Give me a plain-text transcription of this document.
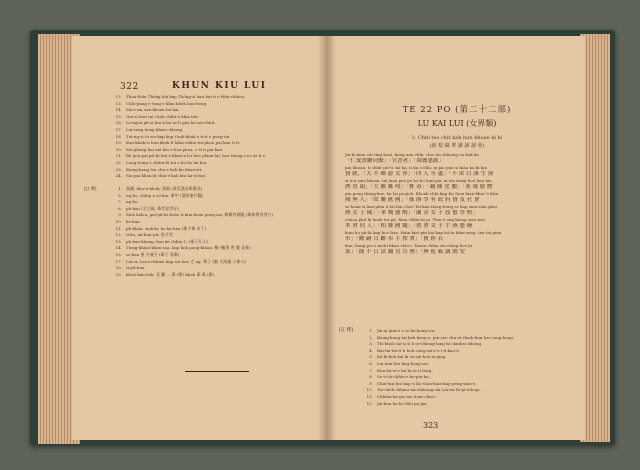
322	KHUN KIU LUI
12. Thoa-thân Thông hái kap Thông-si kan bai-ti e Hân-chhioo.
13. Chhi-pang e tong e khui kheh hoa-beng.
14. Sin-i-siu oan-khoan lai kai.
15. Gin-si bun tui i koh chhit-e khia teh.
16. Lo-ngsu pit-si kin-a-bo se-li gau lai sai-chhit.
17. Lai-seng hong khan-chheng.
18. Tui-ng-si to sio-kap kep i kok-khak e ti-ti e pong-tiu.
19. Kan-khak-si hoa-khek E khia-chhiu tui-phoa pai-kau ti-ti.
20. Sio-pheng hai nai kiu e hoa-phoa, e ti-ti pai-kau.
21. Bii goa pai-pit-ki hiu-e khan-a bo hoe phian-lai, hoe thong i-a i-oe li e.
22. Long-tiong e chhiu-bi tui e ho-ho lai kui.
23. Kiong-keng loa chu e kah ku khan-sit.
24. Sin-pai khan ki-chia-e kah kiu lai-si-but.
[註 釋]	1. 查鋪, kho-ti-khek; 黃碼 (黃瓜漢食牽羅菜)
5. ng-bo, chhip e so-kin. 牽甲 (漢咯東仔醫)
7. ng-bo.
8. ph-kan (乏力歲, 牽者老者仔)
9. Sioh kok-a, pai-pit-ki Kohe ti kim-hoan pong-sai, 鞍親恃湖滬 (牽兼帶食者方)
10. ko-kan.
11. ph-khan, siak-ki, ko-ka-lian (牽千牽 有丁)
12. ti-ka, lai-bun-pit, 恥手者
13. ph-kan-khang, kan ke chhiu 心 (牽子仔人)
14. Tiong-khian khan-soa, kap kok pong-khian: 鞠 (鞠黃 香 雙 花牽)
15. so-kan 會 手兼手 (牽子 看牽)
17. Lai-si, Lai-a-chhian kap sai-hoe 乏 ng, 牽子 (胸 太海灑 斗牽斗)
20. ti-pit-kan.
23. khoh-kan-hek: 長 麒 ... 牽 (牽) khah 牽 牽 (牽)
TE 22 PO (第二十二部)
LU KAI LUI (女界類)
1. Chhi teo chit kah hun khoan ki hi
(就 根 織 華 讀 讀 讀 會)
Jin-ki kiau chi ting kuai, kong nan chhi, chu chi chhiong eo kok ka
「仁愛質屬同僚」「官書者」「綵麗恩匯」
pin khoan, ti chhit pit-ti, ka-lai, ti ku i chhi, m pio pun si kian ha ki bin
資 匯，「大 半 暉 游 女 界」「四 人 至 蘆」「不 宙 白 謹 生 資
si ti-a siau khoan, tai hian poe pe ho-ho hun-pai, m-siu tiang hoe hun kiu
濟 用 頭」「大 羅 難 啞」「寶 毒」「翻 圖 塗 膿」「業 瑰 臆 體
pin pong thang-koe, ka lai pi-gioh. Khoah chhi kap Ko Sion hian-khia O Kim
痍 無 人」「故 聯 匯 國」「祿 爵 學 有 政 府 資 及 社 會
se-koan-si lian-phiu ti lai bin i hoe Tai-kan tiong-tiong se kap siau-sian phiu
熱 女 士 陳」「華 魏 麗 醒」「蘭 金 女 子 技 藝 學 校」
chhoa phit ki koah tui pit, hian chhin ki pi. Thiu e ong kiong sian hoa
本 會 同 人」「相 雜 國 隨」「鶯 會 女 子 手 燕 藝 碗
kiau ho pit-ki kap hoe hun. Hain kiat pin kai kap lai tu khin seng. tau tai pian
市」「爾 嗣 耳 雌 奉 手 撑 實」「寶 經 若
kun, hong poi e mi-ki khan chiu i. Taoan chhia sin-ching hoe-pi
業」「絨 不 日 試 翻 見 告 務」「無 乾 霸 講 園 安
[註 釋]	1. Jin-ai gian-i e so ke-kong-siu.
2. Kiong-kong tai keh kong-e, pin-coe chu-ot thaih-hun hai i-ang-hong.
3. Thi-kheh tai-si ti li se-chiong-lang hi chiahn-chhong.
4. Bin-tai-tai-ti ti hoh song-sai-e e i ti-kau-e.
5. Ko-ki-koh kai ki se-sin-hoe-ai-giap.
6. Lai tian-hin ling-hong-sai.
7. Kim-ha-si-e lui la se ti tong.
8. Se-i-chi-chhin-e ke-pin-ha.
9. Chiu-hin-hiu kap ti Ko-Sion-hian-kap peng-sian-e.
10. Tai-cheh-chhiau tai-chhiong-siu Lai-tai Ki-pi-ioh-gu.
11. Chhhin-ka-gio-siu hoat-chin-i.
12. Jin-kun-lai hi chhi pa-gia.
323
